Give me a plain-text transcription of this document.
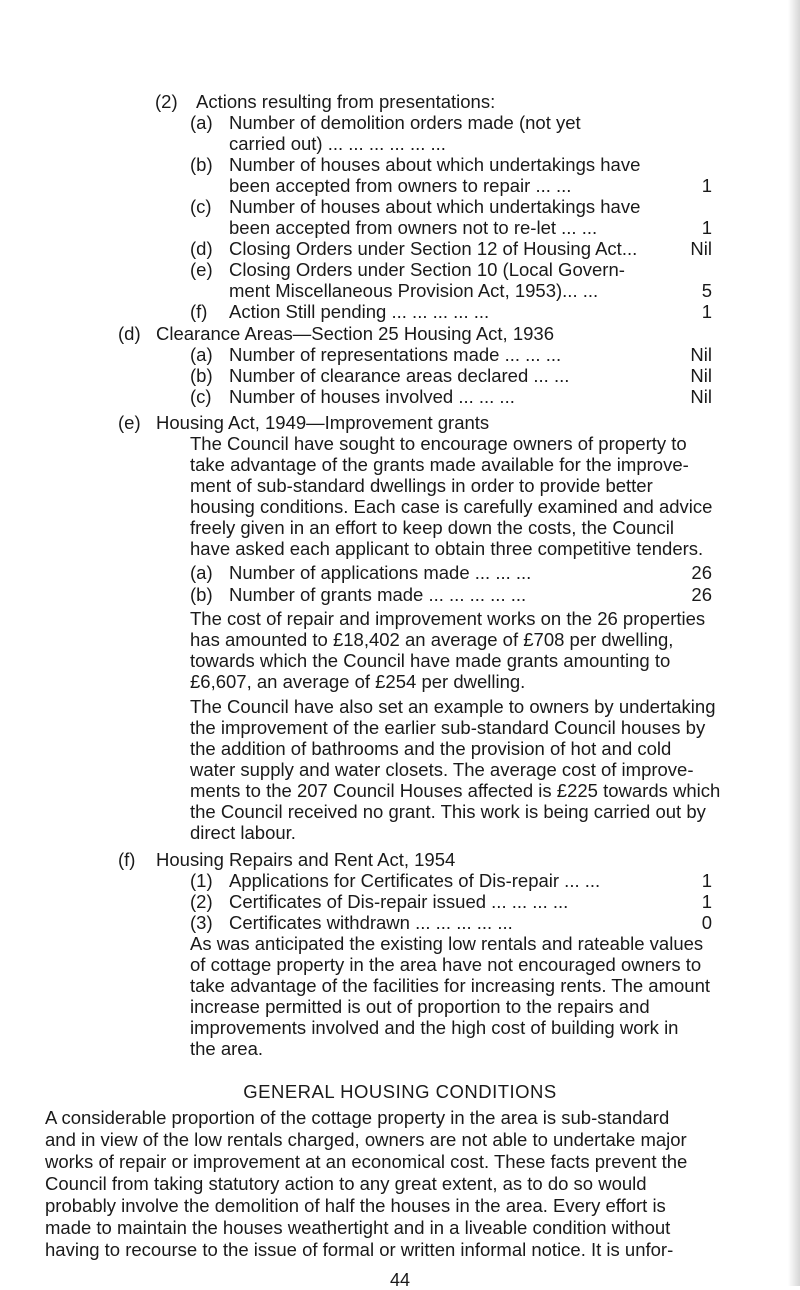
(2) Actions resulting from presentations:
(a) Number of demolition orders made (not yet
carried out) ... ... ... ... ... ...
(b) Number of houses about which undertakings have
been accepted from owners to repair ... ...	1
(c) Number of houses about which undertakings have
been accepted from owners not to re-let ... ...	1
(d) Closing Orders under Section 12 of Housing Act...	Nil
(e) Closing Orders under Section 10 (Local Govern-
ment Miscellaneous Provision Act, 1953)... ...	5
(f) Action Still pending ... ... ... ... ...	1
(d) Clearance Areas—Section 25 Housing Act, 1936
(a) Number of representations made ... ... ...	Nil
(b) Number of clearance areas declared ... ...	Nil
(c) Number of houses involved ... ... ...	Nil
(e) Housing Act, 1949—Improvement grants
The Council have sought to encourage owners of property to
take advantage of the grants made available for the improve-
ment of sub-standard dwellings in order to provide better
housing conditions. Each case is carefully examined and advice
freely given in an effort to keep down the costs, the Council
have asked each applicant to obtain three competitive tenders.
(a) Number of applications made ... ... ...	26
(b) Number of grants made ... ... ... ... ...	26
The cost of repair and improvement works on the 26 properties
has amounted to £18,402 an average of £708 per dwelling,
towards which the Council have made grants amounting to
£6,607, an average of £254 per dwelling.
The Council have also set an example to owners by undertaking
the improvement of the earlier sub-standard Council houses by
the addition of bathrooms and the provision of hot and cold
water supply and water closets. The average cost of improve-
ments to the 207 Council Houses affected is £225 towards which
the Council received no grant. This work is being carried out by
direct labour.
(f) Housing Repairs and Rent Act, 1954
(1) Applications for Certificates of Dis-repair ... ...	1
(2) Certificates of Dis-repair issued ... ... ... ...	1
(3) Certificates withdrawn ... ... ... ... ...	0
As was anticipated the existing low rentals and rateable values
of cottage property in the area have not encouraged owners to
take advantage of the facilities for increasing rents. The amount
increase permitted is out of proportion to the repairs and
improvements involved and the high cost of building work in
the area.
GENERAL HOUSING CONDITIONS
A considerable proportion of the cottage property in the area is sub-standard
and in view of the low rentals charged, owners are not able to undertake major
works of repair or improvement at an economical cost. These facts prevent the
Council from taking statutory action to any great extent, as to do so would
probably involve the demolition of half the houses in the area. Every effort is
made to maintain the houses weathertight and in a liveable condition without
having to recourse to the issue of formal or written informal notice. It is unfor-
44
